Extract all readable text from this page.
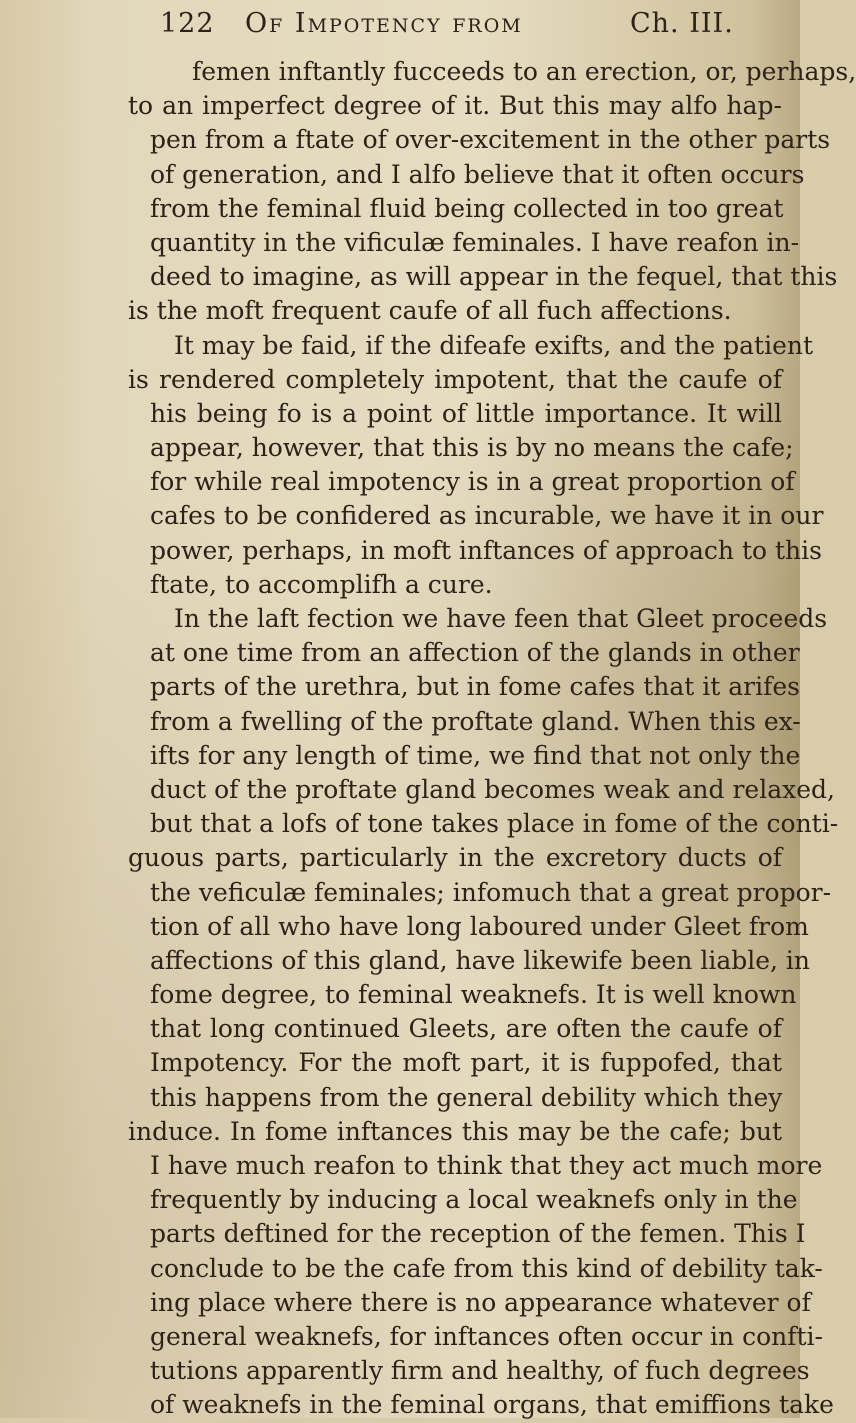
122 Of Impotency from	Ch. III.
femen inftantly fucceeds to an erection, or, perhaps,
to an imperfect degree of it. But this may alfo hap-
pen from a ftate of over-excitement in the other parts
of generation, and I alfo believe that it often occurs
from the feminal fluid being collected in too great
quantity in the vificulæ feminales. I have reafon in-
deed to imagine, as will appear in the fequel, that this
is the moft frequent caufe of all fuch affections.
It may be faid, if the difeafe exifts, and the patient
is rendered completely impotent, that the caufe of
his being fo is a point of little importance. It will
appear, however, that this is by no means the cafe;
for while real impotency is in a great proportion of
cafes to be confidered as incurable, we have it in our
power, perhaps, in moft inftances of approach to this
ftate, to accomplifh a cure.
In the laft fection we have feen that Gleet proceeds
at one time from an affection of the glands in other
parts of the urethra, but in fome cafes that it arifes
from a fwelling of the proftate gland. When this ex-
ifts for any length of time, we find that not only the
duct of the proftate gland becomes weak and relaxed,
but that a lofs of tone takes place in fome of the conti-
guous parts, particularly in the excretory ducts of
the veficulæ feminales; infomuch that a great propor-
tion of all who have long laboured under Gleet from
affections of this gland, have likewife been liable, in
fome degree, to feminal weaknefs. It is well known
that long continued Gleets, are often the caufe of
Impotency. For the moft part, it is fuppofed, that
this happens from the general debility which they
induce. In fome inftances this may be the cafe; but
I have much reafon to think that they act much more
frequently by inducing a local weaknefs only in the
parts deftined for the reception of the femen. This I
conclude to be the cafe from this kind of debility tak-
ing place where there is no appearance whatever of
general weaknefs, for inftances often occur in confti-
tutions apparently firm and healthy, of fuch degrees
of weaknefs in the feminal organs, that emiffions take
